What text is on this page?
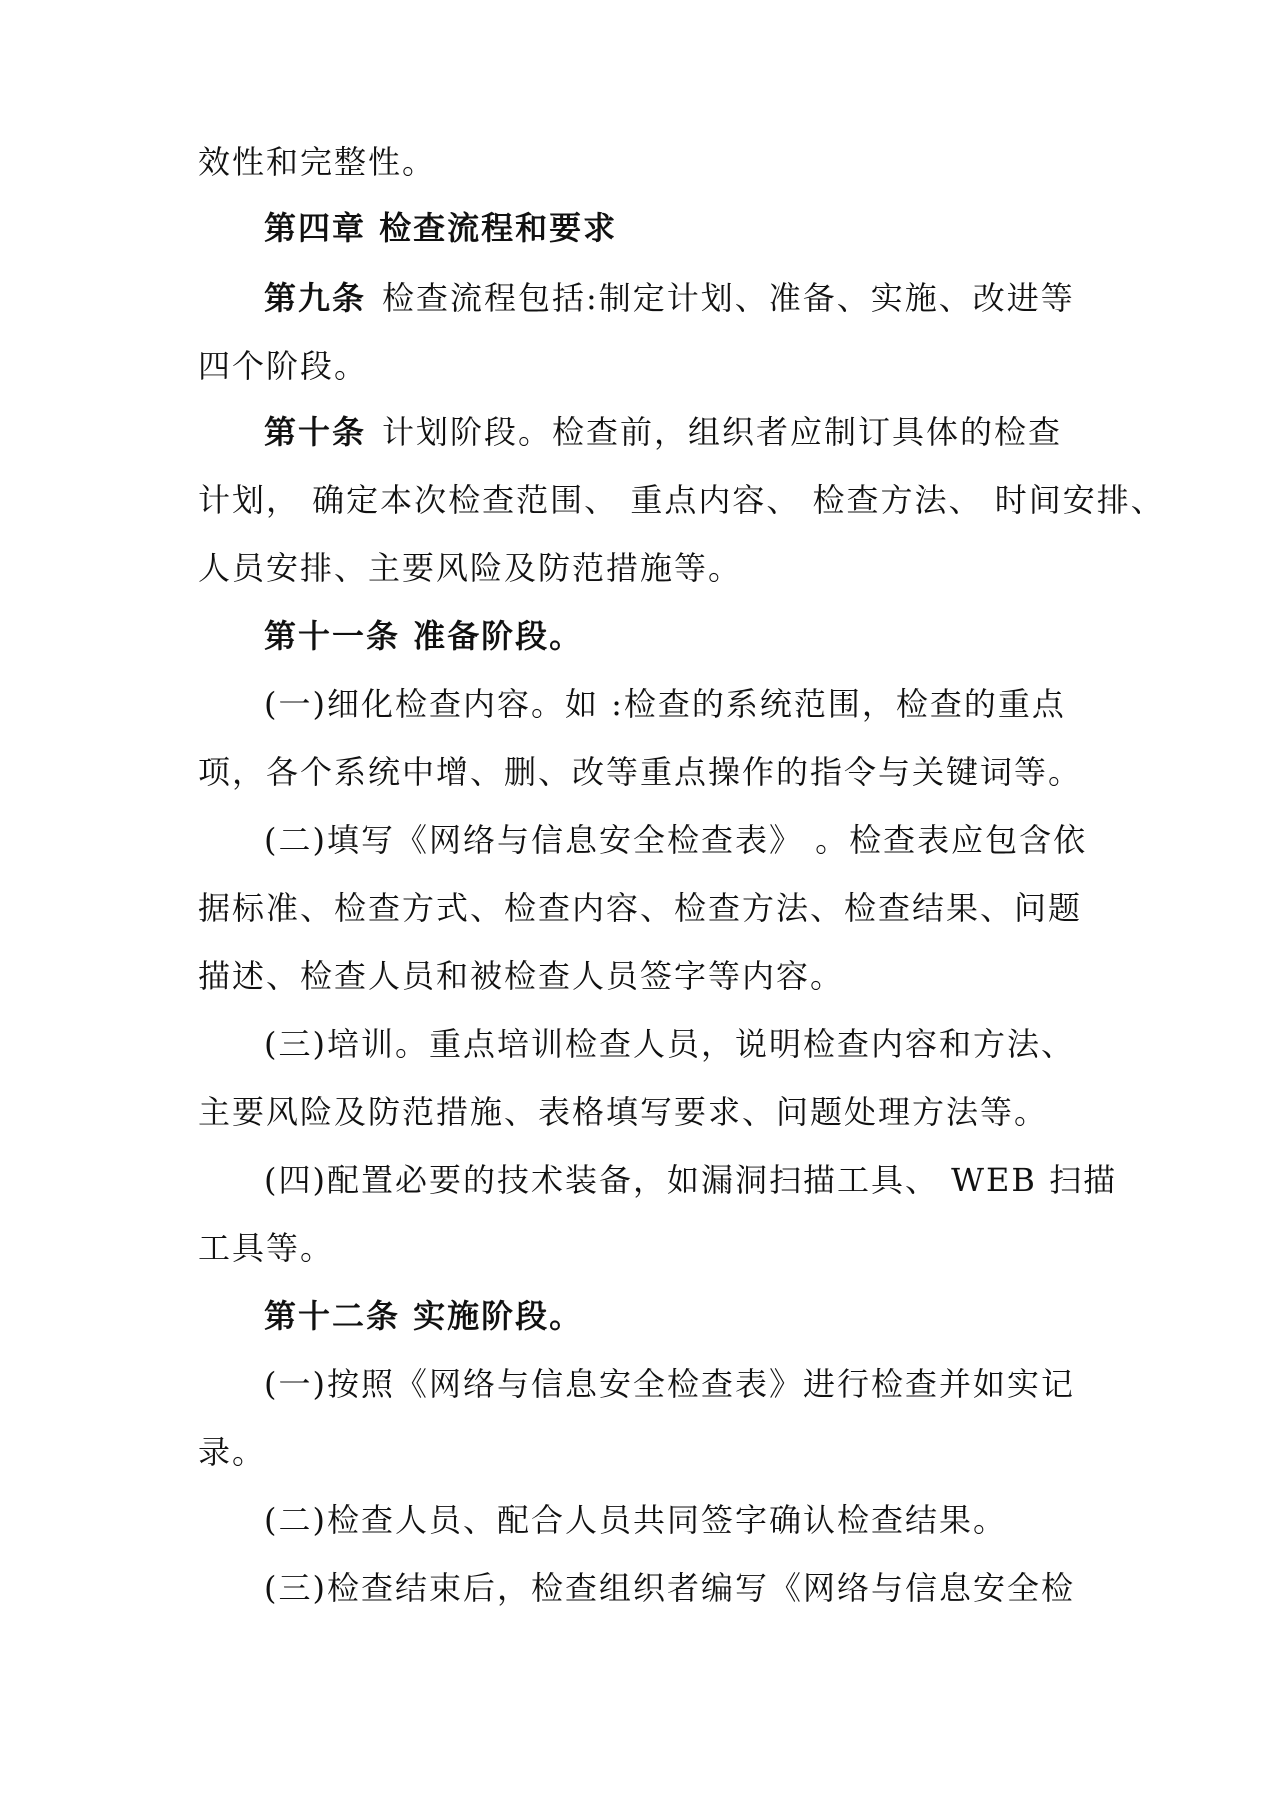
效性和完整性。
第四章 检查流程和要求
第九条 检查流程包括:制定计划、准备、实施、改进等
四个阶段。
第十条 计划阶段。检查前，组织者应制订具体的检查
计划， 确定本次检查范围、 重点内容、 检查方法、 时间安排、
人员安排、主要风险及防范措施等。
第十一条 准备阶段。
(一)细化检查内容。如 :检查的系统范围，检查的重点
项，各个系统中增、删、改等重点操作的指令与关键词等。
(二)填写《网络与信息安全检查表》 。检查表应包含依
据标准、检查方式、检查内容、检查方法、检查结果、问题
描述、检查人员和被检查人员签字等内容。
(三)培训。重点培训检查人员，说明检查内容和方法、
主要风险及防范措施、表格填写要求、问题处理方法等。
(四)配置必要的技术装备，如漏洞扫描工具、 WEB 扫描
工具等。
第十二条 实施阶段。
(一)按照《网络与信息安全检查表》进行检查并如实记
录。
(二)检查人员、配合人员共同签字确认检查结果。
(三)检查结束后，检查组织者编写《网络与信息安全检
